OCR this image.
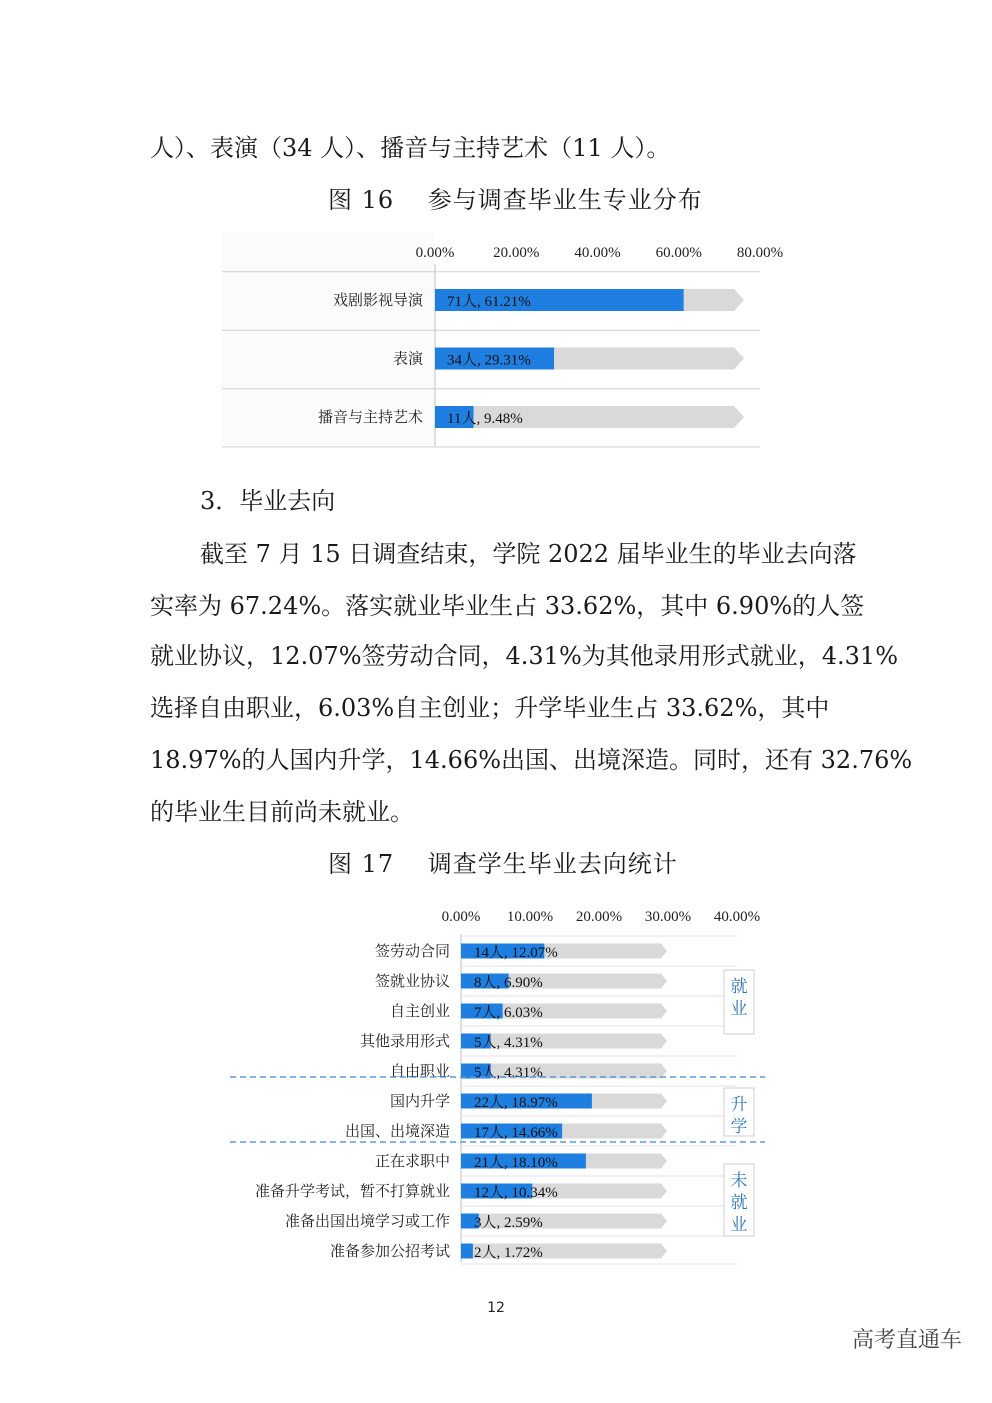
人）、表演（34 人）、播音与主持艺术（11 人）。
图 16　 参与调查毕业生专业分布
0.00%	20.00% 40.00% 60.00% 80.00%
戏剧影视导演 71人, 61.21%
表演 34人, 29.31%
播音与主持艺术 11人, 9.48%
3．毕业去向
截至 7 月 15 日调查结束，学院 2022 届毕业生的毕业去向落
实率为 67.24%。落实就业毕业生占 33.62%，其中 6.90%的人签
就业协议，12.07%签劳动合同，4.31%为其他录用形式就业，4.31%
选择自由职业，6.03%自主创业；升学毕业生占 33.62%，其中
18.97%的人国内升学，14.66%出国、出境深造。同时，还有 32.76%
的毕业生目前尚未就业。
图 17　 调查学生毕业去向统计
0.00% 10.00% 20.00% 30.00% 40.00%
签劳动合同 14人, 12.07%
签就业协议 8人, 6.90%
自主创业 7人, 6.03%
其他录用形式 5人, 4.31%
自由职业 5人, 4.31%
国内升学 22人, 18.97%
出国、出境深造 17人, 14.66%
正在求职中 21人, 18.10%
准备升学考试，暂不打算就业 12人, 10.34%
准备出国出境学习或工作 3人, 2.59%
准备参加公招考试 2人, 1.72%
就
业
升
学
未
就
业
12
高考直通车
